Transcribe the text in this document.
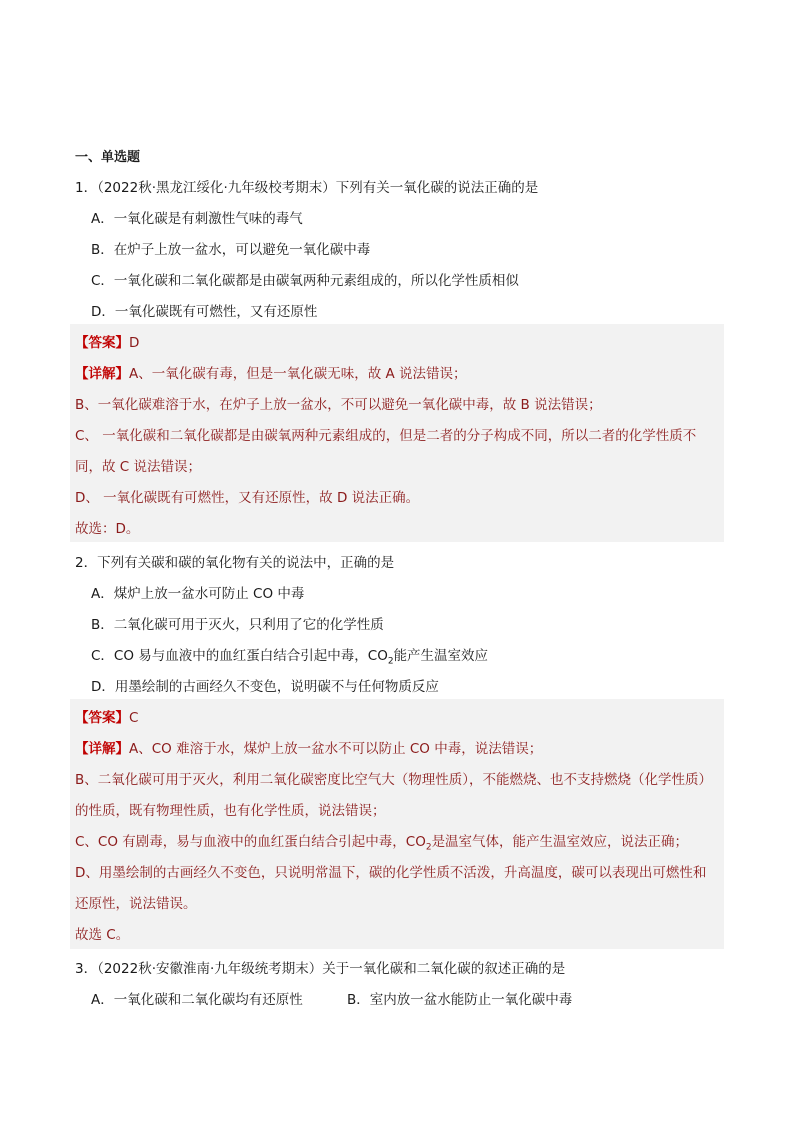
一、单选题
1．（2022秋·黑龙江绥化·九年级校考期末）下列有关一氧化碳的说法正确的是
A．一氧化碳是有刺激性气味的毒气
B．在炉子上放一盆水，可以避免一氧化碳中毒
C．一氧化碳和二氧化碳都是由碳氧两种元素组成的，所以化学性质相似
D．一氧化碳既有可燃性，又有还原性
【答案】D
【详解】A、一氧化碳有毒，但是一氧化碳无味，故 A 说法错误；
B、一氧化碳难溶于水，在炉子上放一盆水，不可以避免一氧化碳中毒，故 B 说法错误；
C、 一氧化碳和二氧化碳都是由碳氧两种元素组成的，但是二者的分子构成不同，所以二者的化学性质不
同，故 C 说法错误；
D、 一氧化碳既有可燃性，又有还原性，故 D 说法正确。
故选：D。
2．下列有关碳和碳的氧化物有关的说法中，正确的是
A．煤炉上放一盆水可防止 CO 中毒
B．二氧化碳可用于灭火，只利用了它的化学性质
C．CO 易与血液中的血红蛋白结合引起中毒，$CO_2$能产生温室效应
D．用墨绘制的古画经久不变色，说明碳不与任何物质反应
【答案】C
【详解】A、CO 难溶于水，煤炉上放一盆水不可以防止 CO 中毒，说法错误；
B、二氧化碳可用于灭火，利用二氧化碳密度比空气大（物理性质），不能燃烧、也不支持燃烧（化学性质）
的性质，既有物理性质，也有化学性质，说法错误；
C、CO 有剧毒，易与血液中的血红蛋白结合引起中毒，$CO_2$是温室气体，能产生温室效应，说法正确；
D、用墨绘制的古画经久不变色，只说明常温下，碳的化学性质不活泼，升高温度，碳可以表现出可燃性和
还原性，说法错误。
故选 C。
3．（2022秋·安徽淮南·九年级统考期末）关于一氧化碳和二氧化碳的叙述正确的是
A．一氧化碳和二氧化碳均有还原性	B．室内放一盆水能防止一氧化碳中毒
